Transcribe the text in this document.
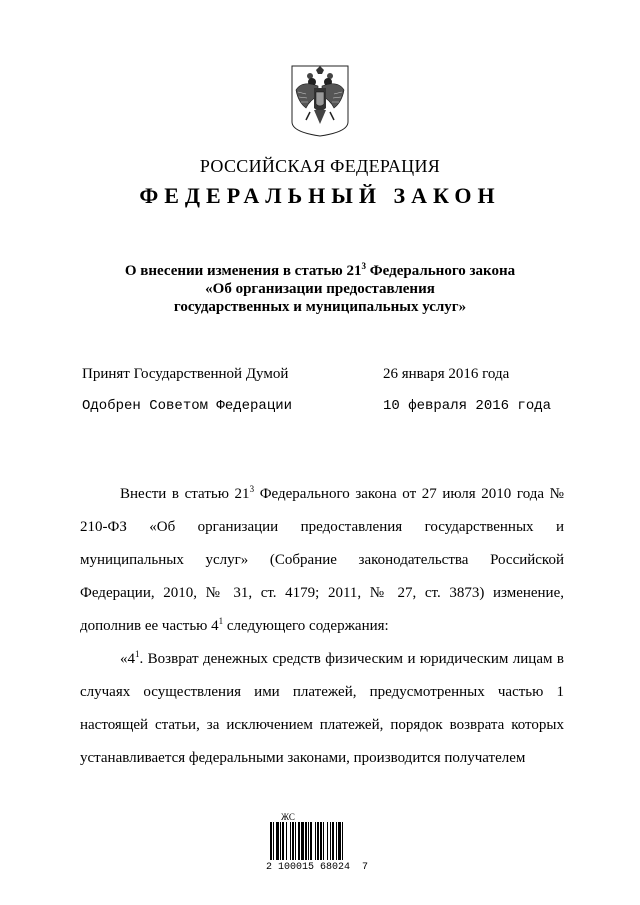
РОССИЙСКАЯ ФЕДЕРАЦИЯ
ФЕДЕРАЛЬНЫЙ ЗАКОН
О внесении изменения в статью $21^3$ Федерального закона
«Об организации предоставления
государственных и муниципальных услуг»
Принят Государственной Думой	26 января 2016 года
Одобрен Советом Федерации	10 февраля 2016 года

Внести в статью $21^3$ Федерального закона от 27 июля 2010 года № 210-ФЗ «Об организации предоставления государственных и муниципальных услуг» (Собрание законодательства Российской Федерации, 2010, № 31, ст. 4179; 2011, № 27, ст. 3873) изменение, дополнив ее частью $4^1$ следующего содержания:

«$4^1$. Возврат денежных средств физическим и юридическим лицам в случаях осуществления ими платежей, предусмотренных частью 1 настоящей статьи, за исключением платежей, порядок возврата которых устанавливается федеральными законами, производится получателем

ЖС
2 100015 68024  7
